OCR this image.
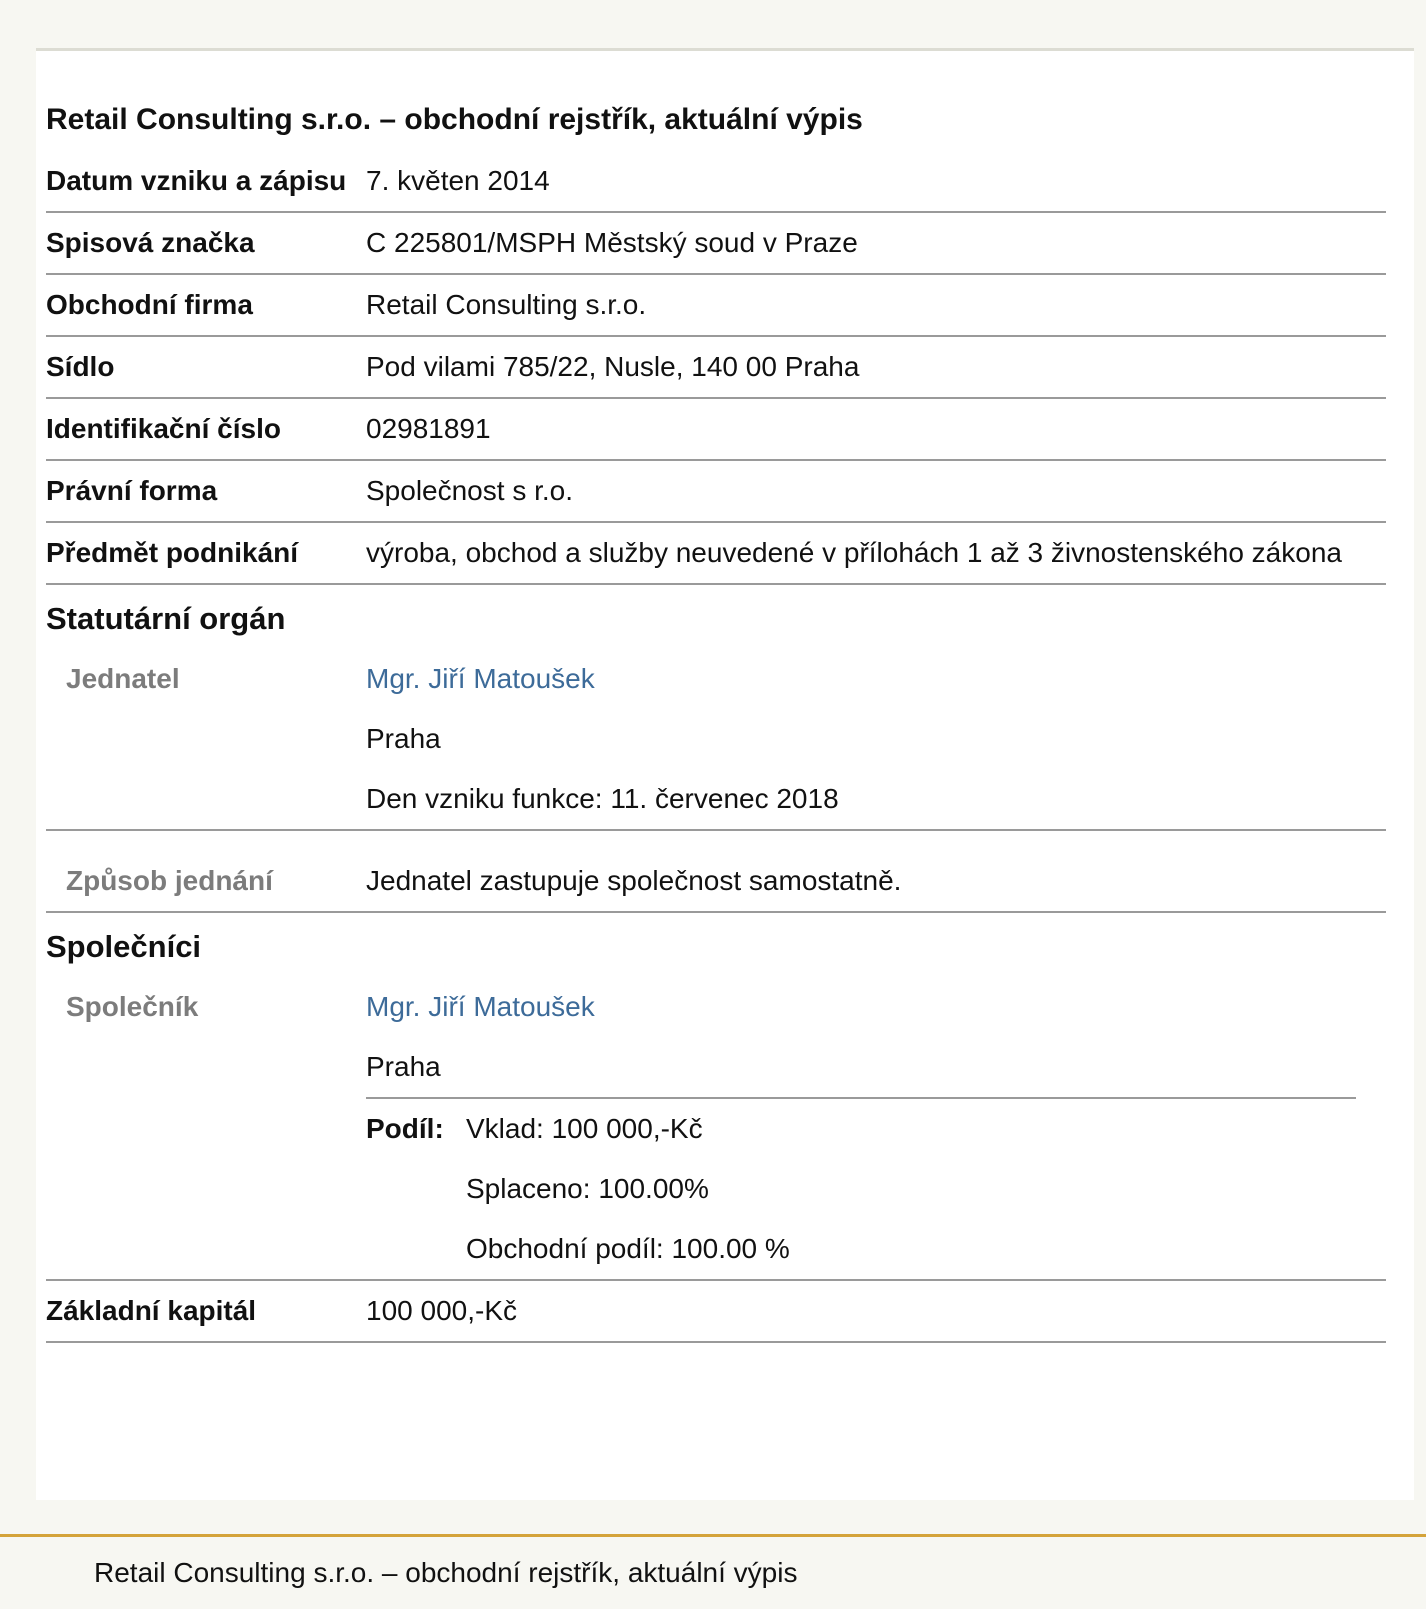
Retail Consulting s.r.o. – obchodní rejstřík, aktuální výpis
Datum vzniku a zápisu 7. květen 2014
Spisová značka	C 225801/MSPH Městský soud v Praze
Obchodní firma	Retail Consulting s.r.o.
Sídlo	Pod vilami 785/22, Nusle, 140 00 Praha
Identifikační číslo	02981891
Právní forma	Společnost s r.o.
Předmět podnikání	výroba, obchod a služby neuvedené v přílohách 1 až 3 živnostenského zákona
Statutární orgán
Jednatel	Mgr. Jiří Matoušek
Praha
Den vzniku funkce: 11. červenec 2018
Způsob jednání	Jednatel zastupuje společnost samostatně.
Společníci
Společník	Mgr. Jiří Matoušek
Praha
Podíl: Vklad: 100 000,-Kč
Splaceno: 100.00%
Obchodní podíl: 100.00 %
Základní kapitál	100 000,-Kč
Retail Consulting s.r.o. – obchodní rejstřík, aktuální výpis
